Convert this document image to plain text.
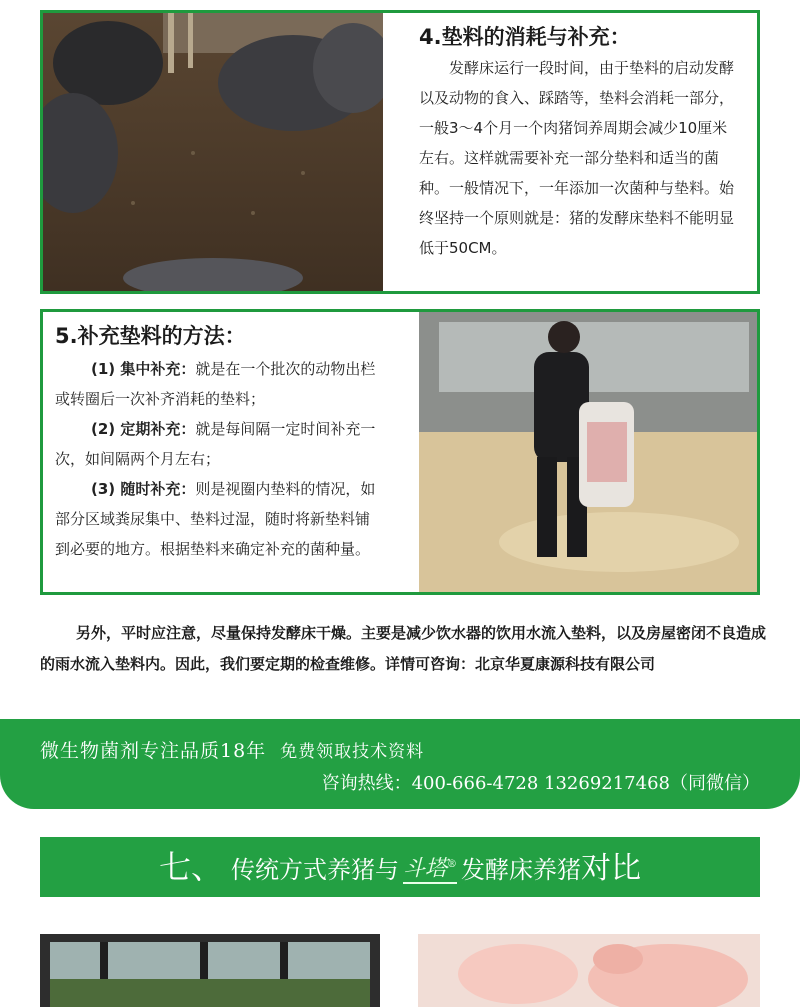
4.垫料的消耗与补充：
发酵床运行一段时间，由于垫料的启动发酵以及动物的食入、踩踏等，垫料会消耗一部分，一般3～4个月一个肉猪饲养周期会减少10厘米左右。这样就需要补充一部分垫料和适当的菌种。一般情况下，一年添加一次菌种与垫料。始终坚持一个原则就是：猪的发酵床垫料不能明显低于50CM。
5.补充垫料的方法：
(1) 集中补充：就是在一个批次的动物出栏或转圈后一次补齐消耗的垫料；
(2) 定期补充：就是每间隔一定时间补充一次，如间隔两个月左右；
(3) 随时补充：则是视圈内垫料的情况，如部分区域粪尿集中、垫料过湿，随时将新垫料铺到必要的地方。根据垫料来确定补充的菌种量。
另外，平时应注意，尽量保持发酵床干燥。主要是减少饮水器的饮用水流入垫料，以及房屋密闭不良造成的雨水流入垫料内。因此，我们要定期的检查维修。详情可咨询：北京华夏康源科技有限公司
微生物菌剂专注品质18年 免费领取技术资料
咨询热线：400-666-4728 13269217468（同微信）
七、 传统方式养猪与 斗塔® 发酵床养猪对比
